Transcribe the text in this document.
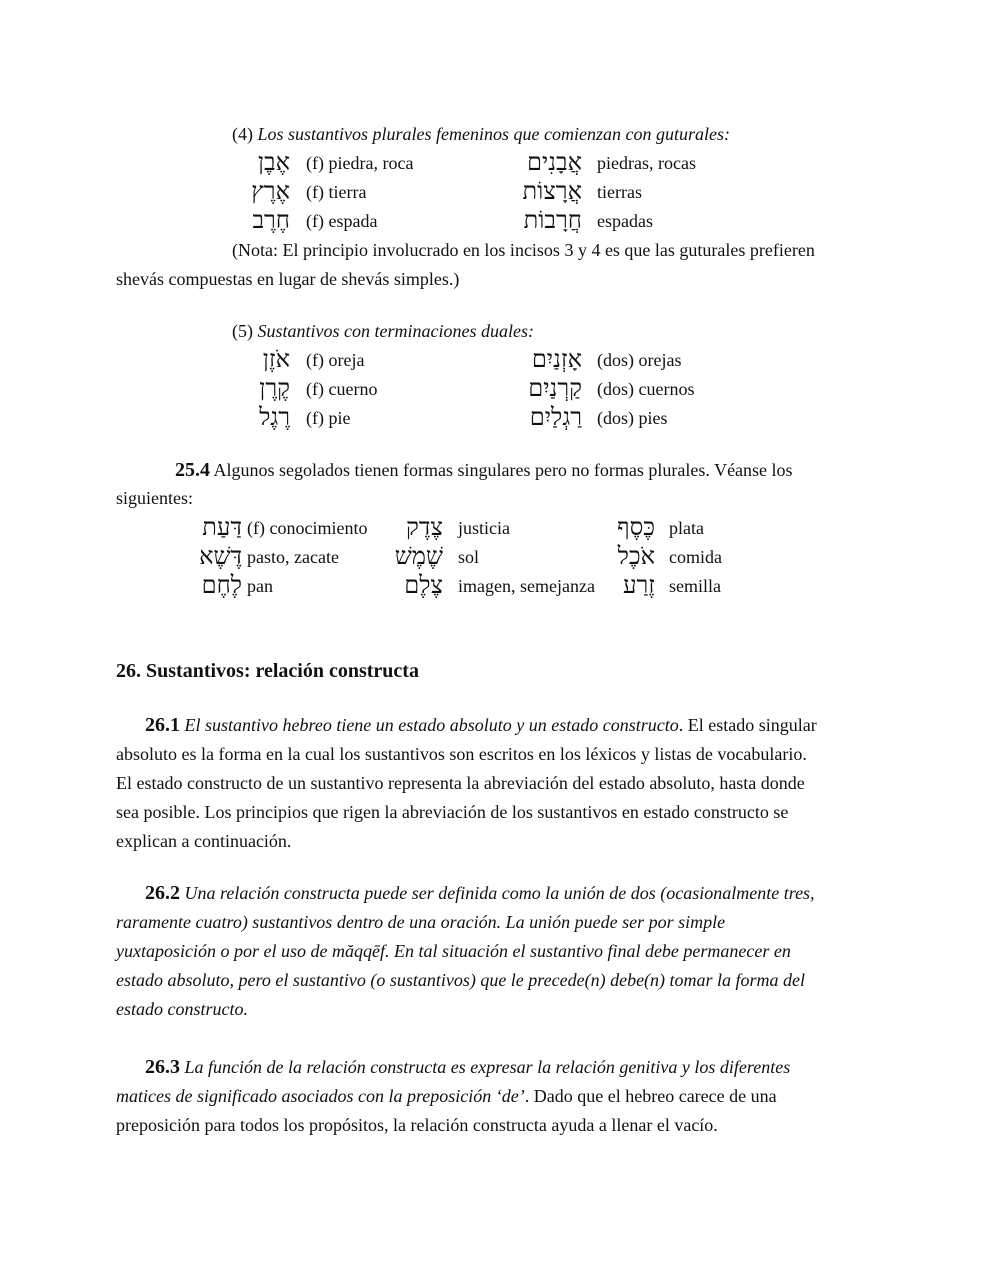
(4) Los sustantivos plurales femeninos que comienzan con guturales:
אֶבֶן (f) piedra, roca	אֲבָנִים piedras, rocas
אֶרֶץ (f) tierra	אֲרָצוֹת tierras
חֶרֶב (f) espada	חֲרָבוֹת espadas
(Nota: El principio involucrado en los incisos 3 y 4 es que las guturales prefieren
shevás compuestas en lugar de shevás simples.)
(5) Sustantivos con terminaciones duales:
אֹזֶן (f) oreja	אָזְנַיִם (dos) orejas
קֶרֶן (f) cuerno	קַרְנַיִם (dos) cuernos
רֶגֶל (f) pie	רַגְלַיִם (dos) pies
25.4 Algunos segolados tienen formas singulares pero no formas plurales. Véanse los
siguientes:
דַּעַת (f) conocimiento צֶדֶק justicia	כֶּסֶף plata
דֶּשֶׁא pasto, zacate שֶׁמֶשׁ sol	אֹכֶל comida
לֶחֶם pan	צֶלֶם imagen, semejanza זֶרַע semilla
26. Sustantivos: relación constructa
26.1 El sustantivo hebreo tiene un estado absoluto y un estado constructo. El estado singular
absoluto es la forma en la cual los sustantivos son escritos en los léxicos y listas de vocabulario.
El estado constructo de un sustantivo representa la abreviación del estado absoluto, hasta donde
sea posible. Los principios que rigen la abreviación de los sustantivos en estado constructo se
explican a continuación.
26.2 Una relación constructa puede ser definida como la unión de dos (ocasionalmente tres,
raramente cuatro) sustantivos dentro de una oración. La unión puede ser por simple
yuxtaposición o por el uso de măqqēf. En tal situación el sustantivo final debe permanecer en
estado absoluto, pero el sustantivo (o sustantivos) que le precede(n) debe(n) tomar la forma del
estado constructo.
26.3 La función de la relación constructa es expresar la relación genitiva y los diferentes
matices de significado asociados con la preposición ‘de’. Dado que el hebreo carece de una
preposición para todos los propósitos, la relación constructa ayuda a llenar el vacío.
